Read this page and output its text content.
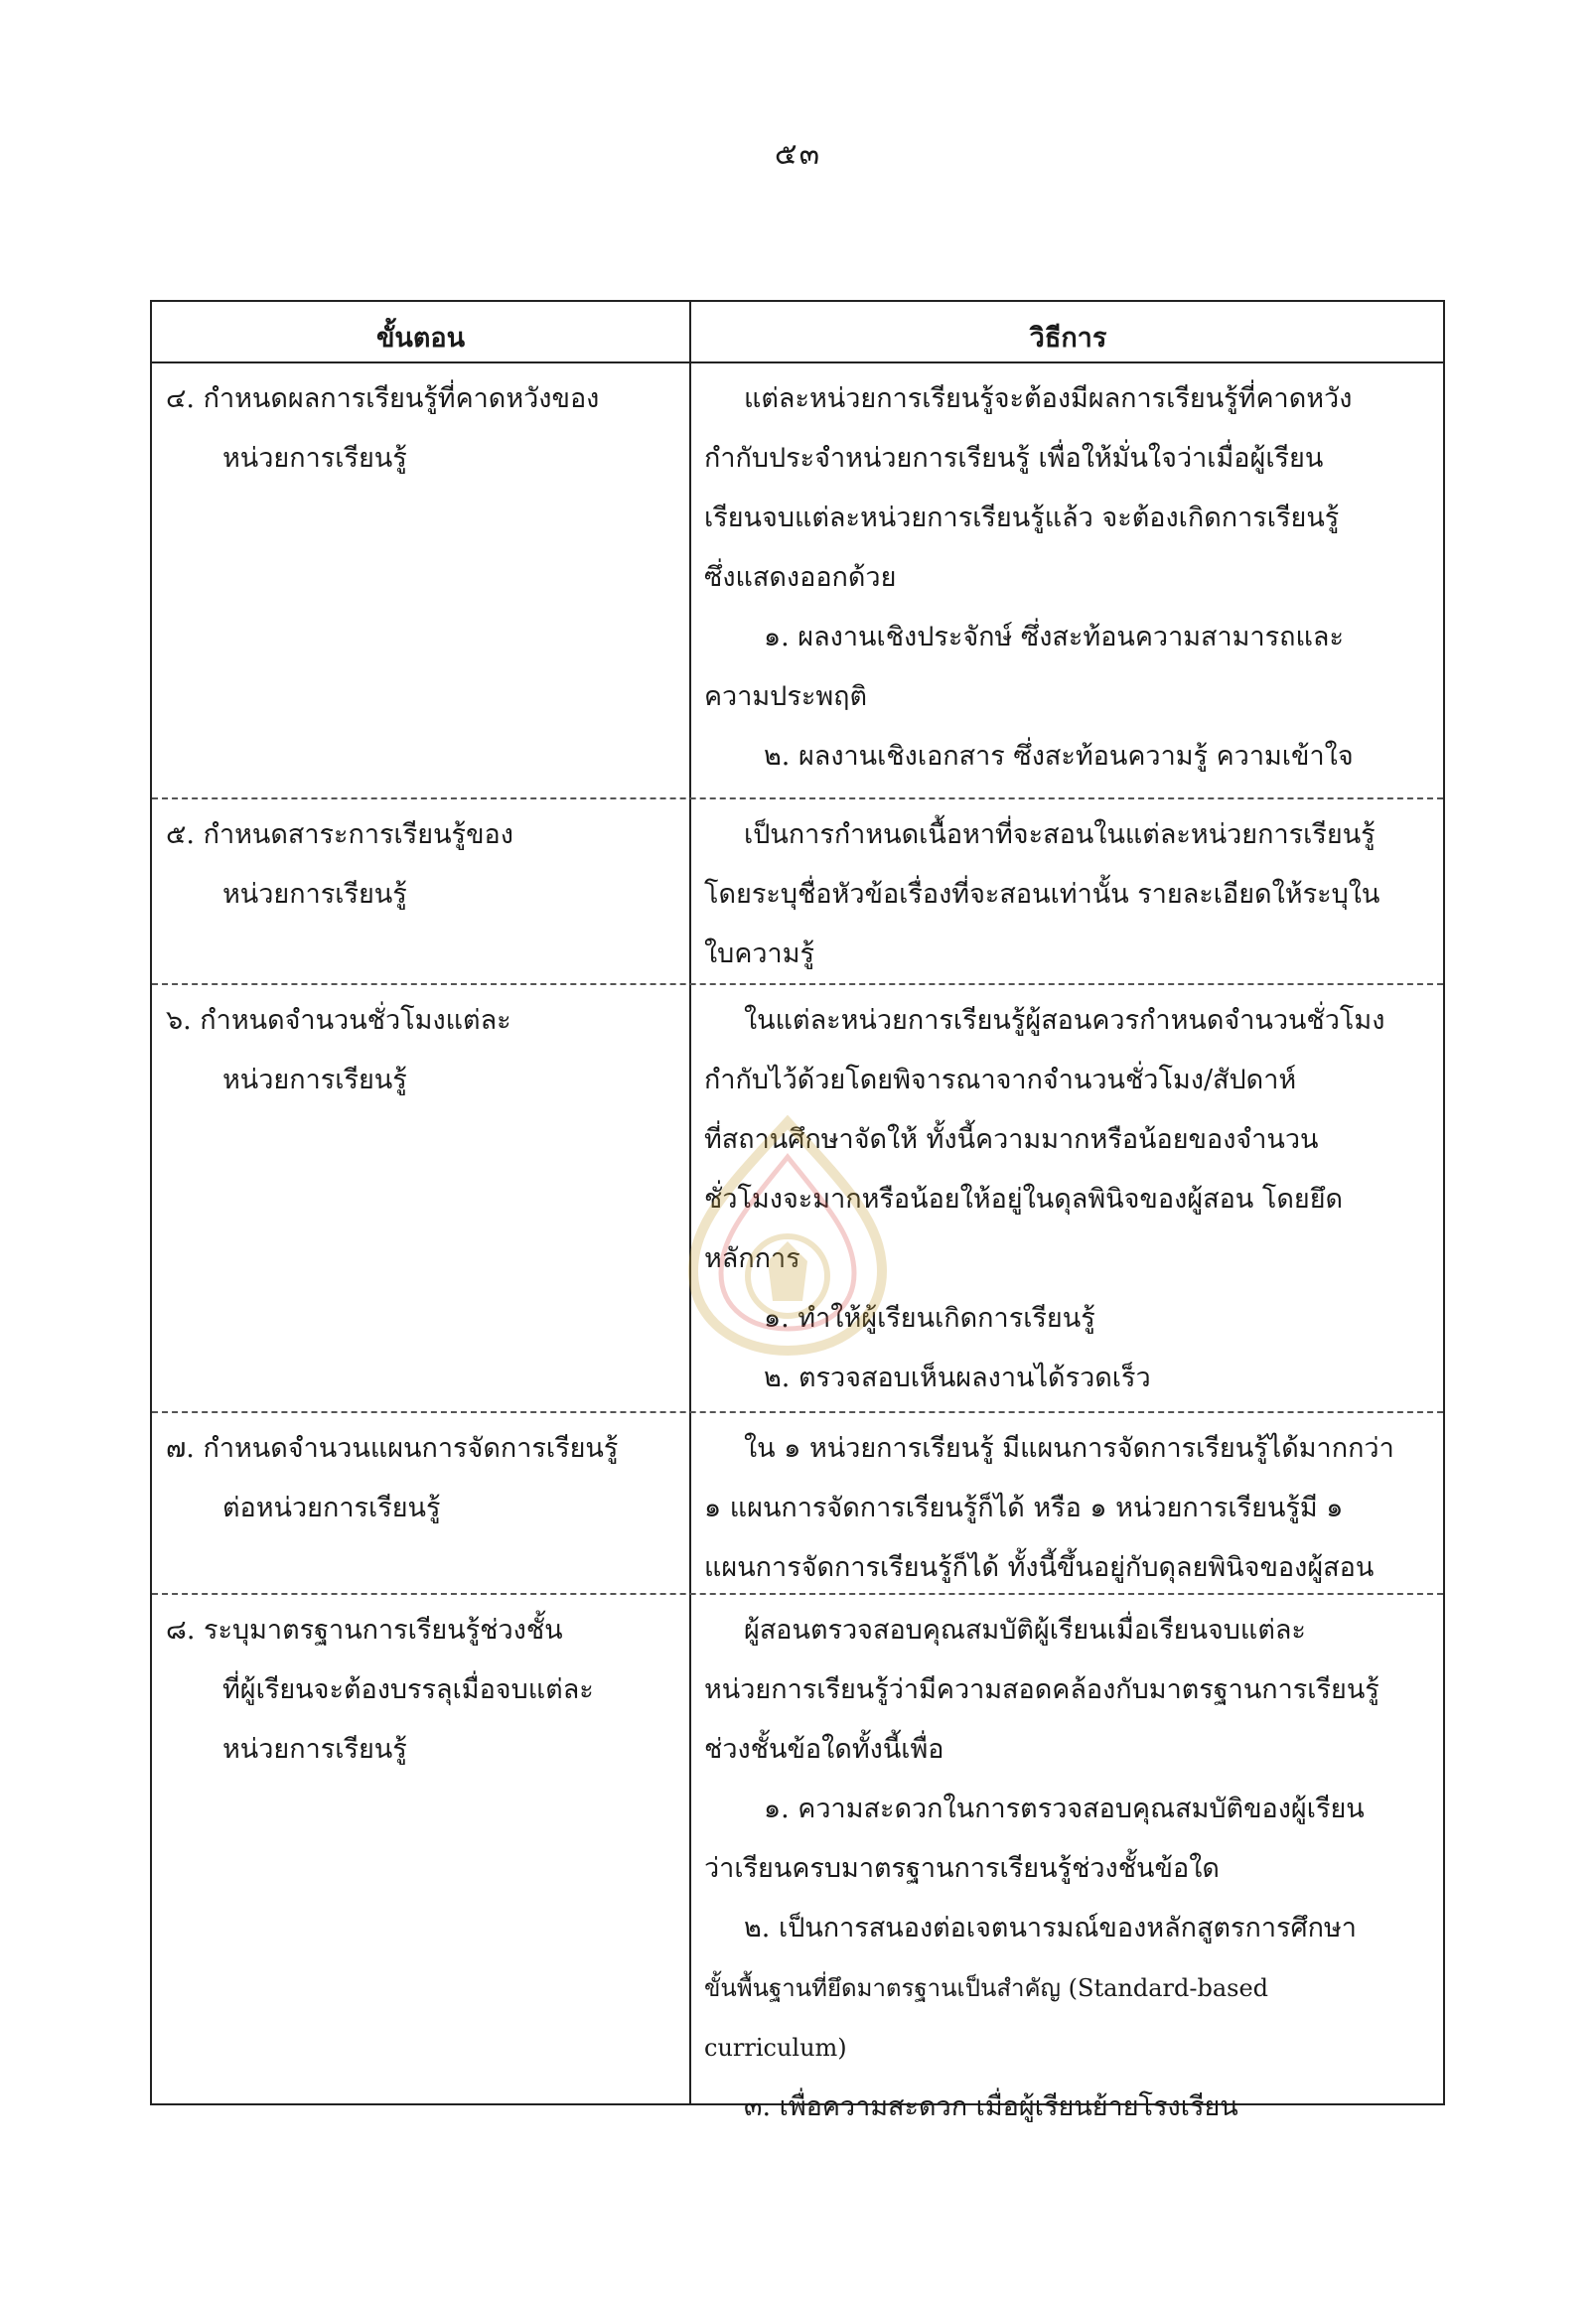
๕๓
ขั้นตอน	วิธีการ
๔. กำหนดผลการเรียนรู้ที่คาดหวังของ
หน่วยการเรียนรู้
แต่ละหน่วยการเรียนรู้จะต้องมีผลการเรียนรู้ที่คาดหวัง
กำกับประจำหน่วยการเรียนรู้ เพื่อให้มั่นใจว่าเมื่อผู้เรียน
เรียนจบแต่ละหน่วยการเรียนรู้แล้ว จะต้องเกิดการเรียนรู้
ซึ่งแสดงออกด้วย
๑. ผลงานเชิงประจักษ์ ซึ่งสะท้อนความสามารถและ
ความประพฤติ
๒. ผลงานเชิงเอกสาร ซึ่งสะท้อนความรู้ ความเข้าใจ
๕. กำหนดสาระการเรียนรู้ของ
หน่วยการเรียนรู้
เป็นการกำหนดเนื้อหาที่จะสอนในแต่ละหน่วยการเรียนรู้
โดยระบุชื่อหัวข้อเรื่องที่จะสอนเท่านั้น รายละเอียดให้ระบุใน
ใบความรู้
๖. กำหนดจำนวนชั่วโมงแต่ละ
หน่วยการเรียนรู้
ในแต่ละหน่วยการเรียนรู้ผู้สอนควรกำหนดจำนวนชั่วโมง
กำกับไว้ด้วยโดยพิจารณาจากจำนวนชั่วโมง/สัปดาห์
ที่สถานศึกษาจัดให้ ทั้งนี้ความมากหรือน้อยของจำนวน
ชั่วโมงจะมากหรือน้อยให้อยู่ในดุลพินิจของผู้สอน โดยยึด
หลักการ
๑. ทำให้ผู้เรียนเกิดการเรียนรู้
๒. ตรวจสอบเห็นผลงานได้รวดเร็ว
๗. กำหนดจำนวนแผนการจัดการเรียนรู้
ต่อหน่วยการเรียนรู้
ใน ๑ หน่วยการเรียนรู้ มีแผนการจัดการเรียนรู้ได้มากกว่า
๑ แผนการจัดการเรียนรู้ก็ได้ หรือ ๑ หน่วยการเรียนรู้มี ๑
แผนการจัดการเรียนรู้ก็ได้ ทั้งนี้ขึ้นอยู่กับดุลยพินิจของผู้สอน
๘. ระบุมาตรฐานการเรียนรู้ช่วงชั้น
ที่ผู้เรียนจะต้องบรรลุเมื่อจบแต่ละ
หน่วยการเรียนรู้
ผู้สอนตรวจสอบคุณสมบัติผู้เรียนเมื่อเรียนจบแต่ละ
หน่วยการเรียนรู้ว่ามีความสอดคล้องกับมาตรฐานการเรียนรู้
ช่วงชั้นข้อใดทั้งนี้เพื่อ
๑. ความสะดวกในการตรวจสอบคุณสมบัติของผู้เรียน
ว่าเรียนครบมาตรฐานการเรียนรู้ช่วงชั้นข้อใด
๒. เป็นการสนองต่อเจตนารมณ์ของหลักสูตรการศึกษา
ขั้นพื้นฐานที่ยึดมาตรฐานเป็นสำคัญ (Standard-based
curriculum)
๓. เพื่อความสะดวก เมื่อผู้เรียนย้ายโรงเรียน
